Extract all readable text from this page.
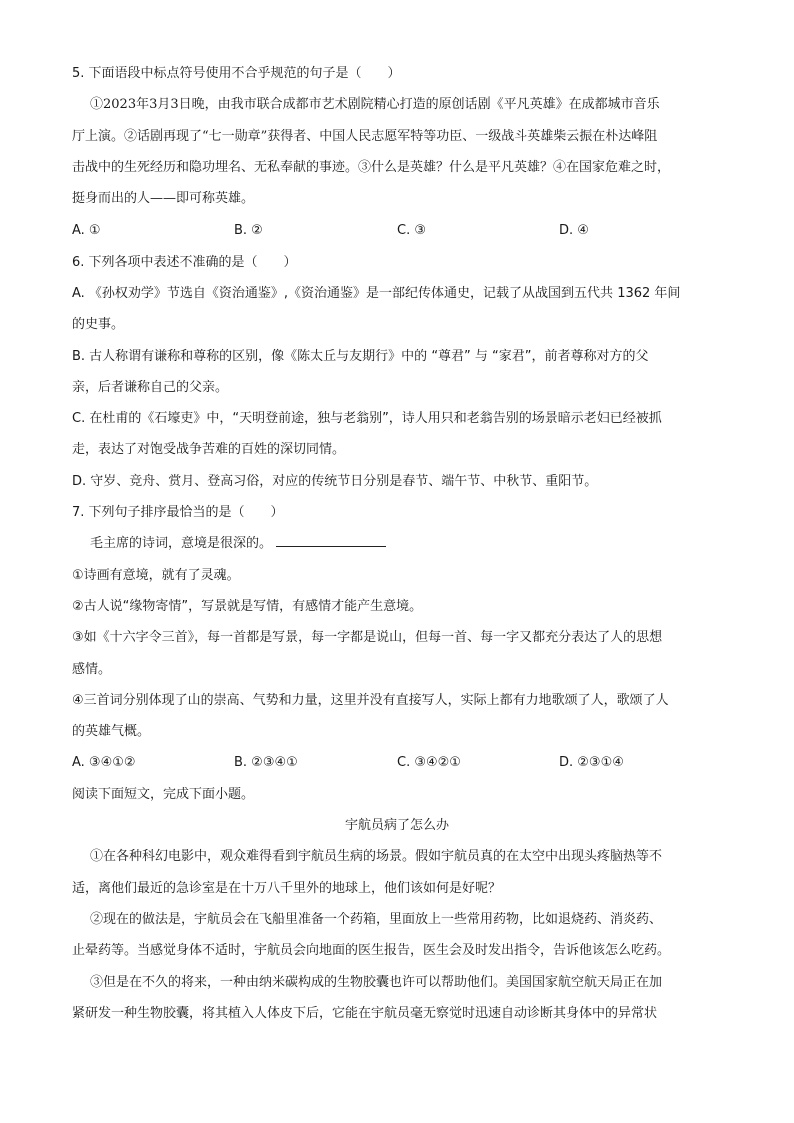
5. 下面语段中标点符号使用不合乎规范的句子是（　　）
①2023年3月3日晚，由我市联合成都市艺术剧院精心打造的原创话剧《平凡英雄》在成都城市音乐
厅上演。②话剧再现了“七一勋章”获得者、中国人民志愿军特等功臣、一级战斗英雄柴云振在朴达峰阻
击战中的生死经历和隐功埋名、无私奉献的事迹。③什么是英雄？什么是平凡英雄？④在国家危难之时，
挺身而出的人——即可称英雄。
A. ①	B. ②	C. ③	D. ④
6. 下列各项中表述不准确的是（　　）
A. 《孙权劝学》节选自《资治通鉴》,《资治通鉴》是一部纪传体通史，记载了从战国到五代共 1362 年间
的史事。
B. 古人称谓有谦称和尊称的区别，像《陈太丘与友期行》中的 “尊君” 与 “家君”，前者尊称对方的父
亲，后者谦称自己的父亲。
C. 在杜甫的《石壕吏》中，“天明登前途，独与老翁别”，诗人用只和老翁告别的场景暗示老妇已经被抓
走，表达了对饱受战争苦难的百姓的深切同情。
D. 守岁、竞舟、赏月、登高习俗，对应的传统节日分别是春节、端午节、中秋节、重阳节。
7. 下列句子排序最恰当的是（　　）
毛主席的诗词，意境是很深的。
①诗画有意境，就有了灵魂。
②古人说“缘物寄情”，写景就是写情，有感情才能产生意境。
③如《十六字令三首》，每一首都是写景，每一字都是说山，但每一首、每一字又都充分表达了人的思想
感情。
④三首词分别体现了山的崇高、气势和力量，这里并没有直接写人，实际上都有力地歌颂了人，歌颂了人
的英雄气概。
A. ③④①②	B. ②③④①	C. ③④②①	D. ②③①④
阅读下面短文，完成下面小题。
宇航员病了怎么办
①在各种科幻电影中，观众难得看到宇航员生病的场景。假如宇航员真的在太空中出现头疼脑热等不
适，离他们最近的急诊室是在十万八千里外的地球上，他们该如何是好呢？
②现在的做法是，宇航员会在飞船里准备一个药箱，里面放上一些常用药物，比如退烧药、消炎药、
止晕药等。当感觉身体不适时，宇航员会向地面的医生报告，医生会及时发出指令，告诉他该怎么吃药。
③但是在不久的将来，一种由纳米碳构成的生物胶囊也许可以帮助他们。美国国家航空航天局正在加
紧研发一种生物胶囊，将其植入人体皮下后，它能在宇航员毫无察觉时迅速自动诊断其身体中的异常状
